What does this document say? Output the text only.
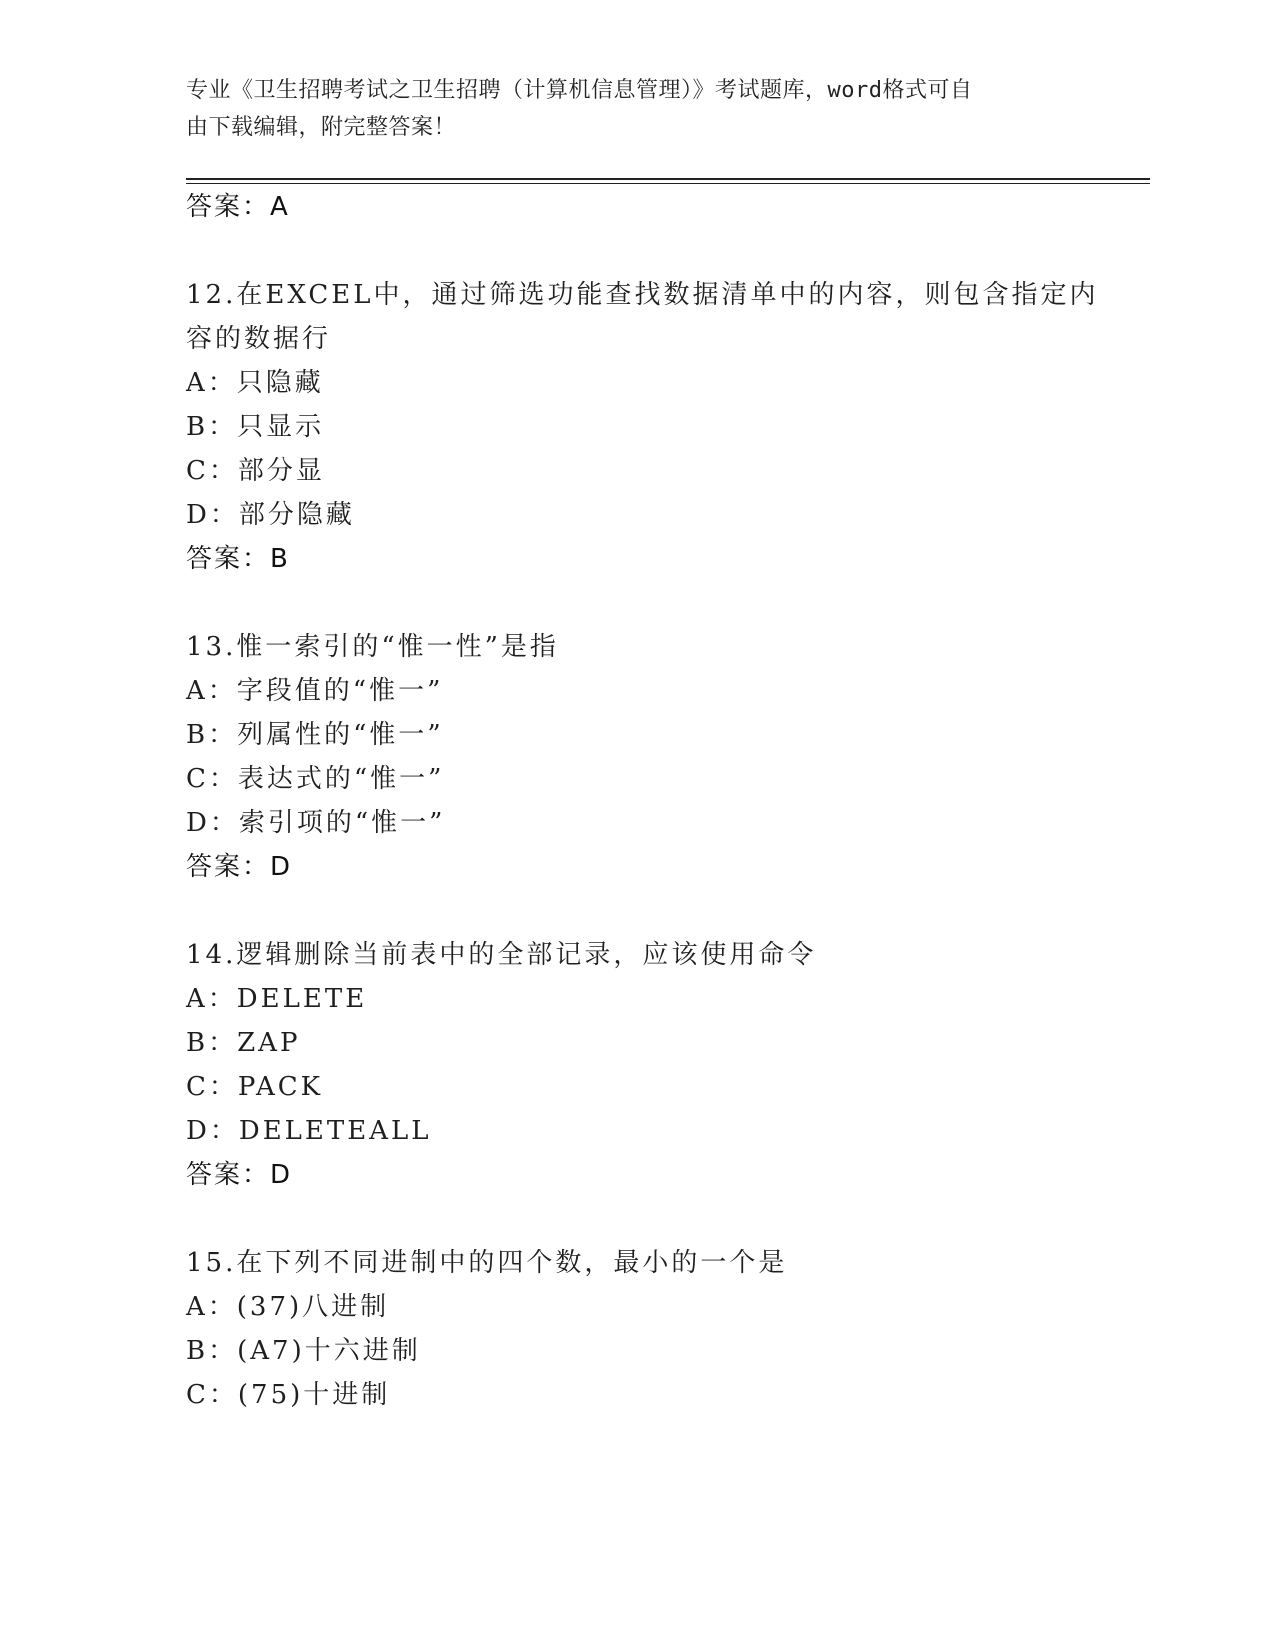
专业《卫生招聘考试之卫生招聘（计算机信息管理）》考试题库，word格式可自
由下载编辑，附完整答案！
答案：A
12.在EXCEL中，通过筛选功能查找数据清单中的内容，则包含指定内
容的数据行
A：只隐藏
B：只显示
C：部分显
D：部分隐藏
答案：B
13.惟一索引的“惟一性”是指
A：字段值的“惟一”
B：列属性的“惟一”
C：表达式的“惟一”
D：索引项的“惟一”
答案：D
14.逻辑删除当前表中的全部记录，应该使用命令
A：DELETE
B：ZAP
C：PACK
D：DELETEALL
答案：D
15.在下列不同进制中的四个数，最小的一个是
A：(37)八进制
B：(A7)十六进制
C：(75)十进制
